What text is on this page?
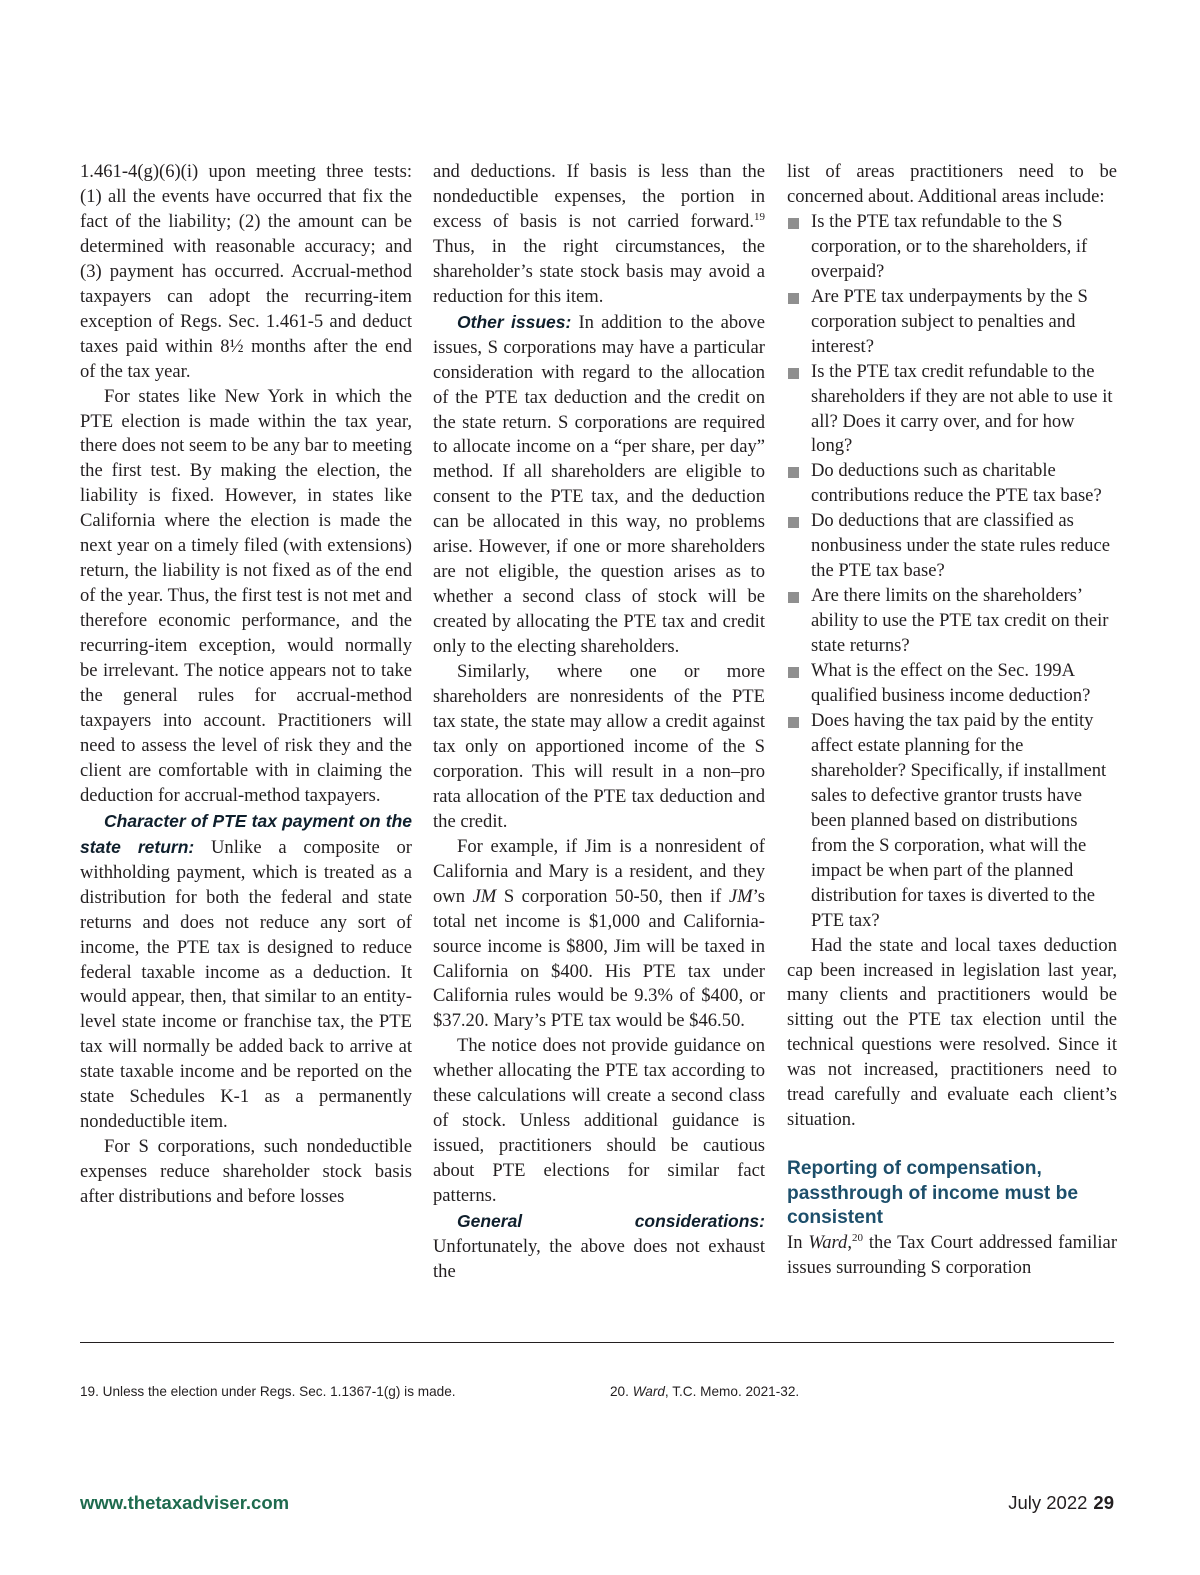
1.461-4(g)(6)(i) upon meeting three tests: (1) all the events have occurred that fix the fact of the liability; (2) the amount can be determined with reasonable accuracy; and (3) payment has occurred. Accrual-method taxpayers can adopt the recurring-item exception of Regs. Sec. 1.461-5 and deduct taxes paid within 8½ months after the end of the tax year.

For states like New York in which the PTE election is made within the tax year, there does not seem to be any bar to meeting the first test. By making the election, the liability is fixed. However, in states like California where the election is made the next year on a timely filed (with extensions) return, the liability is not fixed as of the end of the year. Thus, the first test is not met and therefore economic performance, and the recurring-item exception, would normally be irrelevant. The notice appears not to take the general rules for accrual-method taxpayers into account. Practitioners will need to assess the level of risk they and the client are comfortable with in claiming the deduction for accrual-method taxpayers.

Character of PTE tax payment on the state return: Unlike a composite or withholding payment, which is treated as a distribution for both the federal and state returns and does not reduce any sort of income, the PTE tax is designed to reduce federal taxable income as a deduction. It would appear, then, that similar to an entity-level state income or franchise tax, the PTE tax will normally be added back to arrive at state taxable income and be reported on the state Schedules K-1 as a permanently nondeductible item.

For S corporations, such nondeductible expenses reduce shareholder stock basis after distributions and before losses

and deductions. If basis is less than the nondeductible expenses, the portion in excess of basis is not carried forward.$^{19}$ Thus, in the right circumstances, the shareholder’s state stock basis may avoid a reduction for this item.

Other issues: In addition to the above issues, S corporations may have a particular consideration with regard to the allocation of the PTE tax deduction and the credit on the state return. S corporations are required to allocate income on a “per share, per day” method. If all shareholders are eligible to consent to the PTE tax, and the deduction can be allocated in this way, no problems arise. However, if one or more shareholders are not eligible, the question arises as to whether a second class of stock will be created by allocating the PTE tax and credit only to the electing shareholders.

Similarly, where one or more shareholders are nonresidents of the PTE tax state, the state may allow a credit against tax only on apportioned income of the S corporation. This will result in a non–pro rata allocation of the PTE tax deduction and the credit.

For example, if Jim is a nonresident of California and Mary is a resident, and they own JM S corporation 50-50, then if JM’s total net income is $1,000 and California-source income is $800, Jim will be taxed in California on $400. His PTE tax under California rules would be 9.3% of $400, or $37.20. Mary’s PTE tax would be $46.50.

The notice does not provide guidance on whether allocating the PTE tax according to these calculations will create a second class of stock. Unless additional guidance is issued, practitioners should be cautious about PTE elections for similar fact patterns.

General considerations: Unfortunately, the above does not exhaust the

list of areas practitioners need to be concerned about. Additional areas include:

Is the PTE tax refundable to the S corporation, or to the shareholders, if overpaid?
Are PTE tax underpayments by the S corporation subject to penalties and interest?
Is the PTE tax credit refundable to the shareholders if they are not able to use it all? Does it carry over, and for how long?
Do deductions such as charitable contributions reduce the PTE tax base?
Do deductions that are classified as nonbusiness under the state rules reduce the PTE tax base?
Are there limits on the shareholders’ ability to use the PTE tax credit on their state returns?
What is the effect on the Sec. 199A qualified business income deduction?
Does having the tax paid by the entity affect estate planning for the shareholder? Specifically, if installment sales to defective grantor trusts have been planned based on distributions from the S corporation, what will the impact be when part of the planned distribution for taxes is diverted to the PTE tax?

Had the state and local taxes deduction cap been increased in legislation last year, many clients and practitioners would be sitting out the PTE tax election until the technical questions were resolved. Since it was not increased, practitioners need to tread carefully and evaluate each client’s situation.

Reporting of compensation, passthrough of income must be consistent

In Ward,$^{20}$ the Tax Court addressed familiar issues surrounding S corporation

19. Unless the election under Regs. Sec. 1.1367-1(g) is made.	20. Ward, T.C. Memo. 2021-32.
www.thetaxadviser.com	July 2022 29
